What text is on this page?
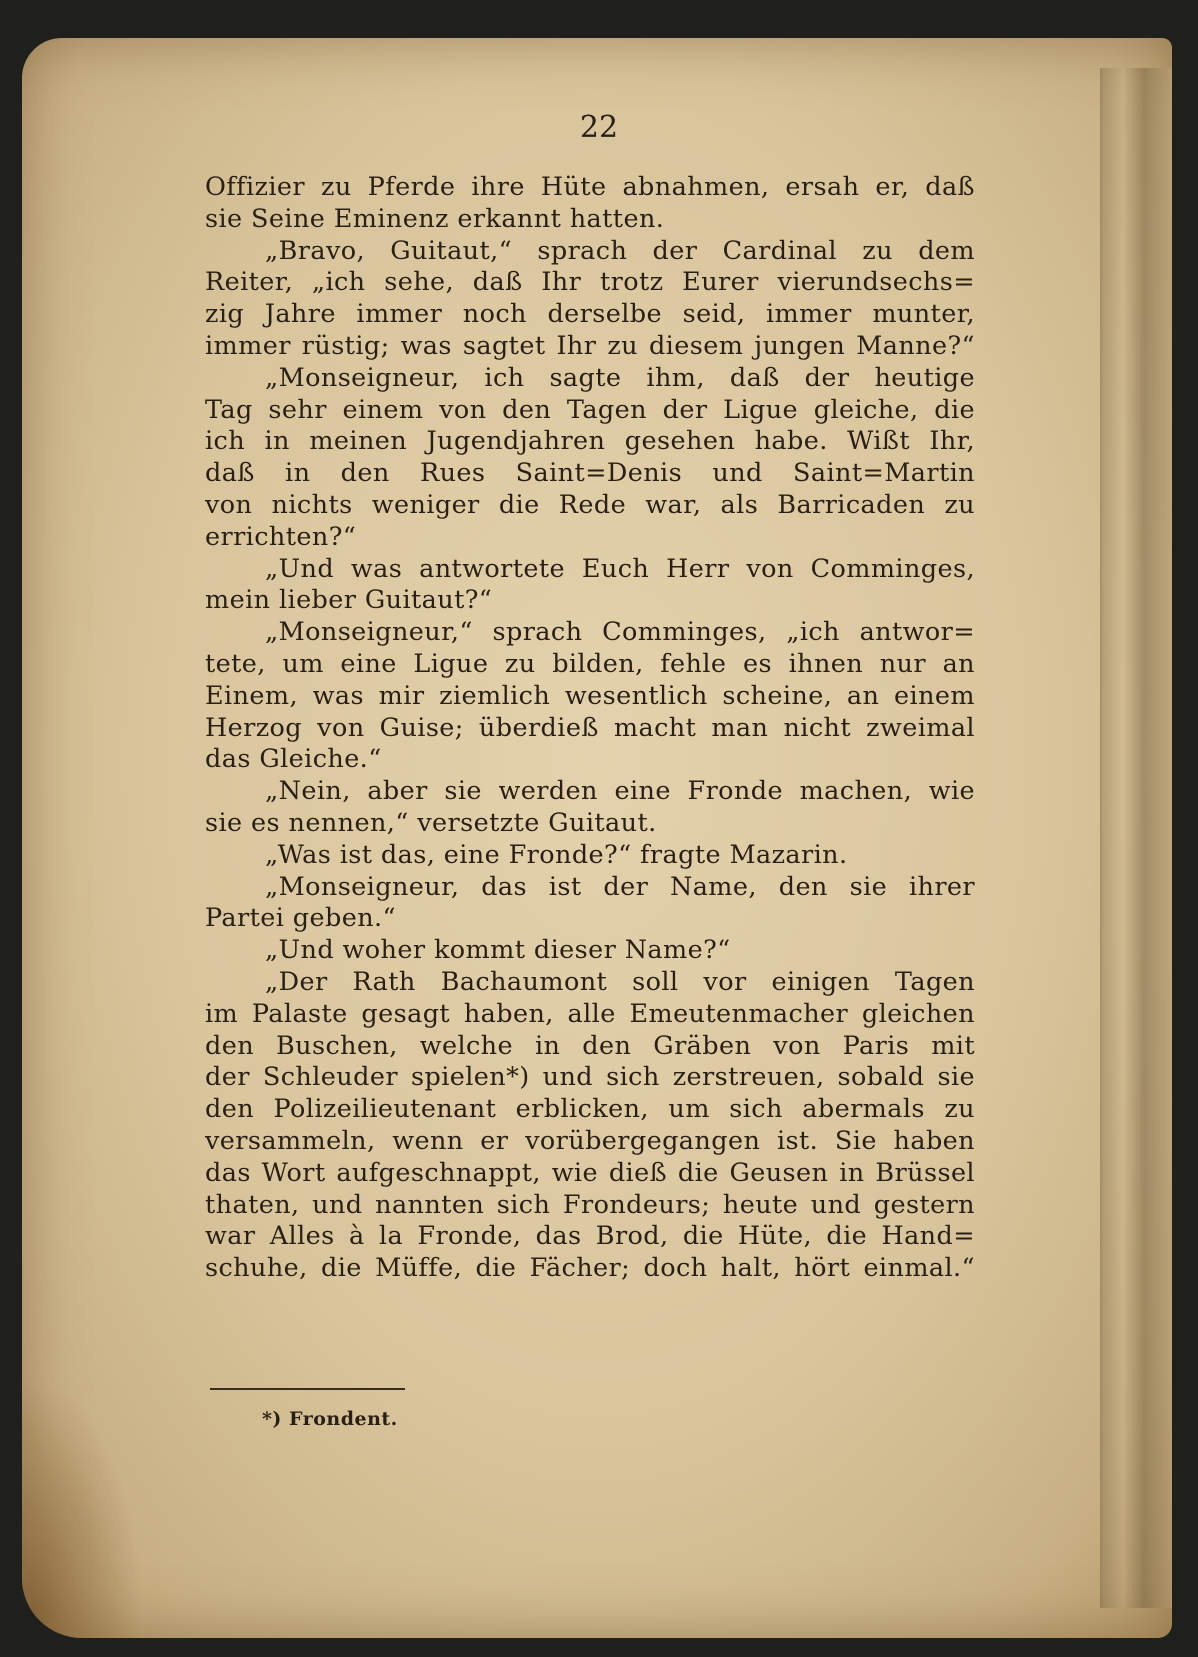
22
Offizier zu Pferde ihre Hüte abnahmen, ersah er, daß
sie Seine Eminenz erkannt hatten.
„Bravo, Guitaut,“ sprach der Cardinal zu dem
Reiter, „ich sehe, daß Ihr trotz Eurer vierundsechs=
zig Jahre immer noch derselbe seid, immer munter,
immer rüstig; was sagtet Ihr zu diesem jungen Manne?“
„Monseigneur, ich sagte ihm, daß der heutige
Tag sehr einem von den Tagen der Ligue gleiche, die
ich in meinen Jugendjahren gesehen habe. Wißt Ihr,
daß in den Rues Saint=Denis und Saint=Martin
von nichts weniger die Rede war, als Barricaden zu
errichten?“
„Und was antwortete Euch Herr von Comminges,
mein lieber Guitaut?“
„Monseigneur,“ sprach Comminges, „ich antwor=
tete, um eine Ligue zu bilden, fehle es ihnen nur an
Einem, was mir ziemlich wesentlich scheine, an einem
Herzog von Guise; überdieß macht man nicht zweimal
das Gleiche.“
„Nein, aber sie werden eine Fronde machen, wie
sie es nennen,“ versetzte Guitaut.
„Was ist das, eine Fronde?“ fragte Mazarin.
„Monseigneur, das ist der Name, den sie ihrer
Partei geben.“
„Und woher kommt dieser Name?“
„Der Rath Bachaumont soll vor einigen Tagen
im Palaste gesagt haben, alle Emeutenmacher gleichen
den Buschen, welche in den Gräben von Paris mit
der Schleuder spielen*) und sich zerstreuen, sobald sie
den Polizeilieutenant erblicken, um sich abermals zu
versammeln, wenn er vorübergegangen ist. Sie haben
das Wort aufgeschnappt, wie dieß die Geusen in Brüssel
thaten, und nannten sich Frondeurs; heute und gestern
war Alles à la Fronde, das Brod, die Hüte, die Hand=
schuhe, die Müffe, die Fächer; doch halt, hört einmal.“
*) Frondent.
